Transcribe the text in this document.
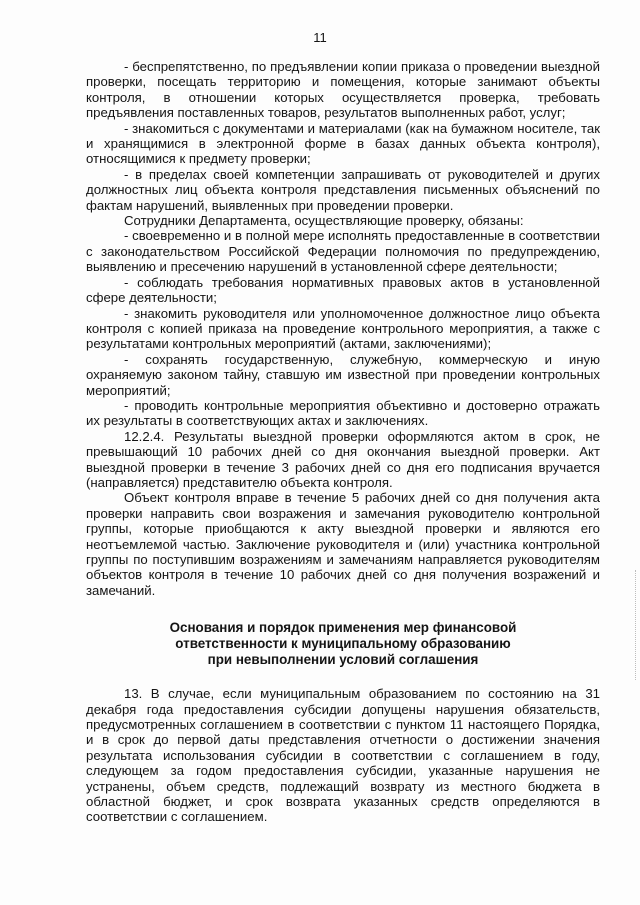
11

- беспрепятственно, по предъявлении копии приказа о проведении выездной проверки, посещать территорию и помещения, которые занимают объекты контроля, в отношении которых осуществляется проверка, требовать предъявления поставленных товаров, результатов выполненных работ, услуг;

- знакомиться с документами и материалами (как на бумажном носителе, так и хранящимися в электронной форме в базах данных объекта контроля), относящимися к предмету проверки;

- в пределах своей компетенции запрашивать от руководителей и других должностных лиц объекта контроля представления письменных объяснений по фактам нарушений, выявленных при проведении проверки.

Сотрудники Департамента, осуществляющие проверку, обязаны:

- своевременно и в полной мере исполнять предоставленные в соответствии с законодательством Российской Федерации полномочия по предупреждению, выявлению и пресечению нарушений в установленной сфере деятельности;

- соблюдать требования нормативных правовых актов в установленной сфере деятельности;

- знакомить руководителя или уполномоченное должностное лицо объекта контроля с копией приказа на проведение контрольного мероприятия, а также с результатами контрольных мероприятий (актами, заключениями);

- сохранять государственную, служебную, коммерческую и иную охраняемую законом тайну, ставшую им известной при проведении контрольных мероприятий;

- проводить контрольные мероприятия объективно и достоверно отражать их результаты в соответствующих актах и заключениях.

12.2.4. Результаты выездной проверки оформляются актом в срок, не превышающий 10 рабочих дней со дня окончания выездной проверки. Акт выездной проверки в течение 3 рабочих дней со дня его подписания вручается (направляется) представителю объекта контроля.

Объект контроля вправе в течение 5 рабочих дней со дня получения акта проверки направить свои возражения и замечания руководителю контрольной группы, которые приобщаются к акту выездной проверки и являются его неотъемлемой частью. Заключение руководителя и (или) участника контрольной группы по поступившим возражениям и замечаниям направляется руководителям объектов контроля в течение 10 рабочих дней со дня получения возражений и замечаний.

Основания и порядок применения мер финансовой
ответственности к муниципальному образованию
при невыполнении условий соглашения

13. В случае, если муниципальным образованием по состоянию на 31 декабря года предоставления субсидии допущены нарушения обязательств, предусмотренных соглашением в соответствии с пунктом 11 настоящего Порядка, и в срок до первой даты представления отчетности о достижении значения результата использования субсидии в соответствии с соглашением в году, следующем за годом предоставления субсидии, указанные нарушения не устранены, объем средств, подлежащий возврату из местного бюджета в областной бюджет, и срок возврата указанных средств определяются в соответствии с соглашением.
